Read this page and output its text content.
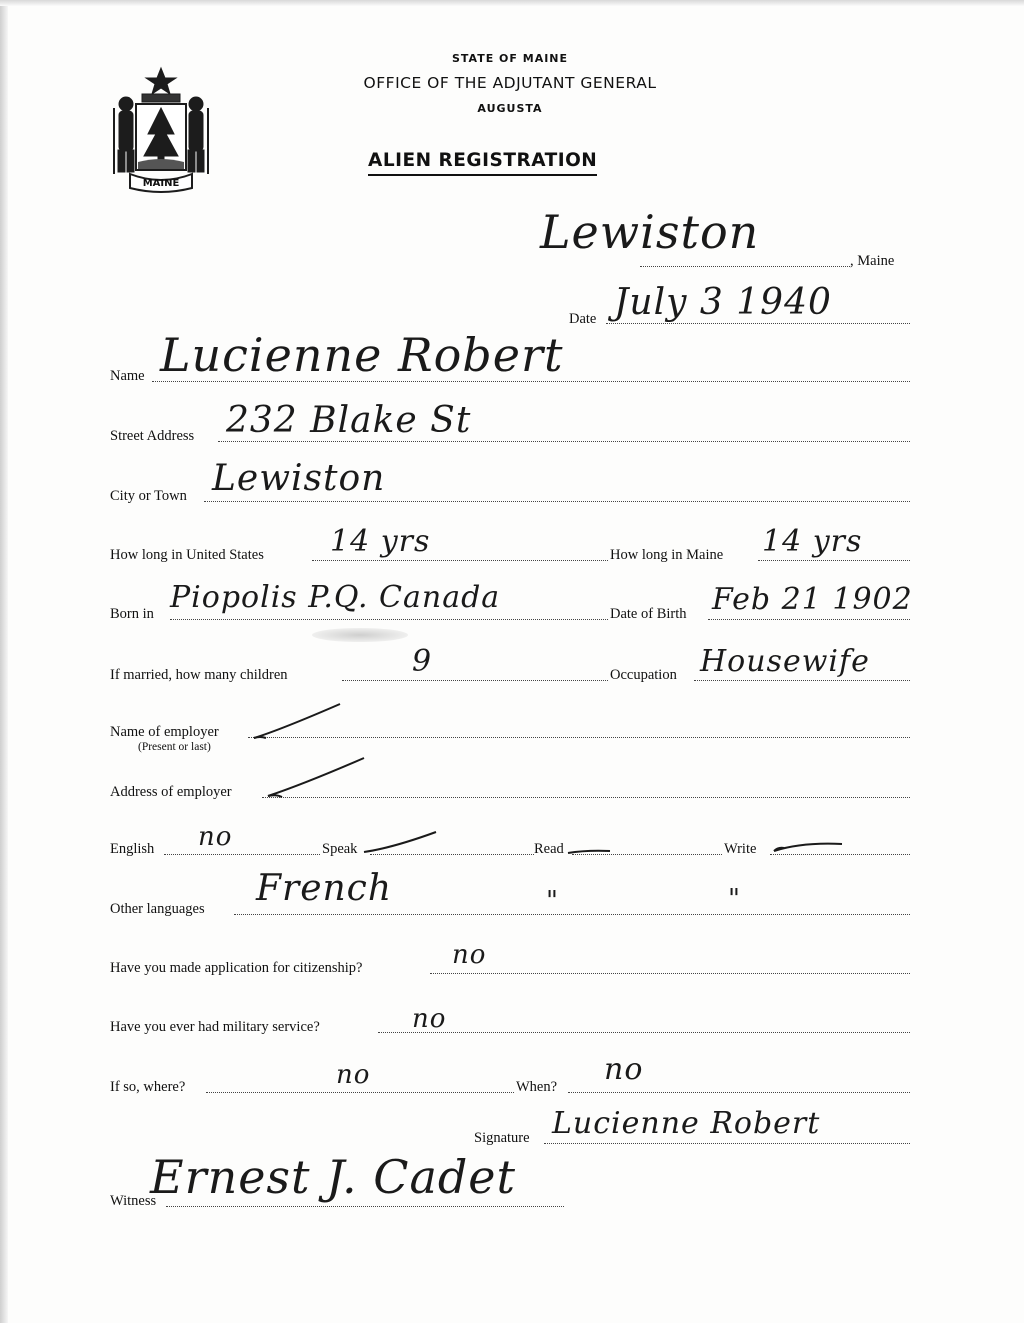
MAINE
STATE OF MAINE
OFFICE OF THE ADJUTANT GENERAL
AUGUSTA
ALIEN REGISTRATION
Lewiston
, Maine
Date July 3 1940
Name Lucienne Robert
Street Address 232 Blake St
City or Town Lewiston
How long in United States 14 yrs	How long in Maine 14 yrs
Born in Piopolis P.Q. Canada	Date of Birth Feb 21 1902
If married, how many children	9	Occupation Housewife
Name of employer
(Present or last)
Address of employer
English no	Speak	Read	Write
Other languages French	"	"
Have you made application for citizenship?	no
Have you ever had military service?	no
If so, where?	no	When? no
Signature Lucienne Robert
Witness
Ernest J. Cadet
